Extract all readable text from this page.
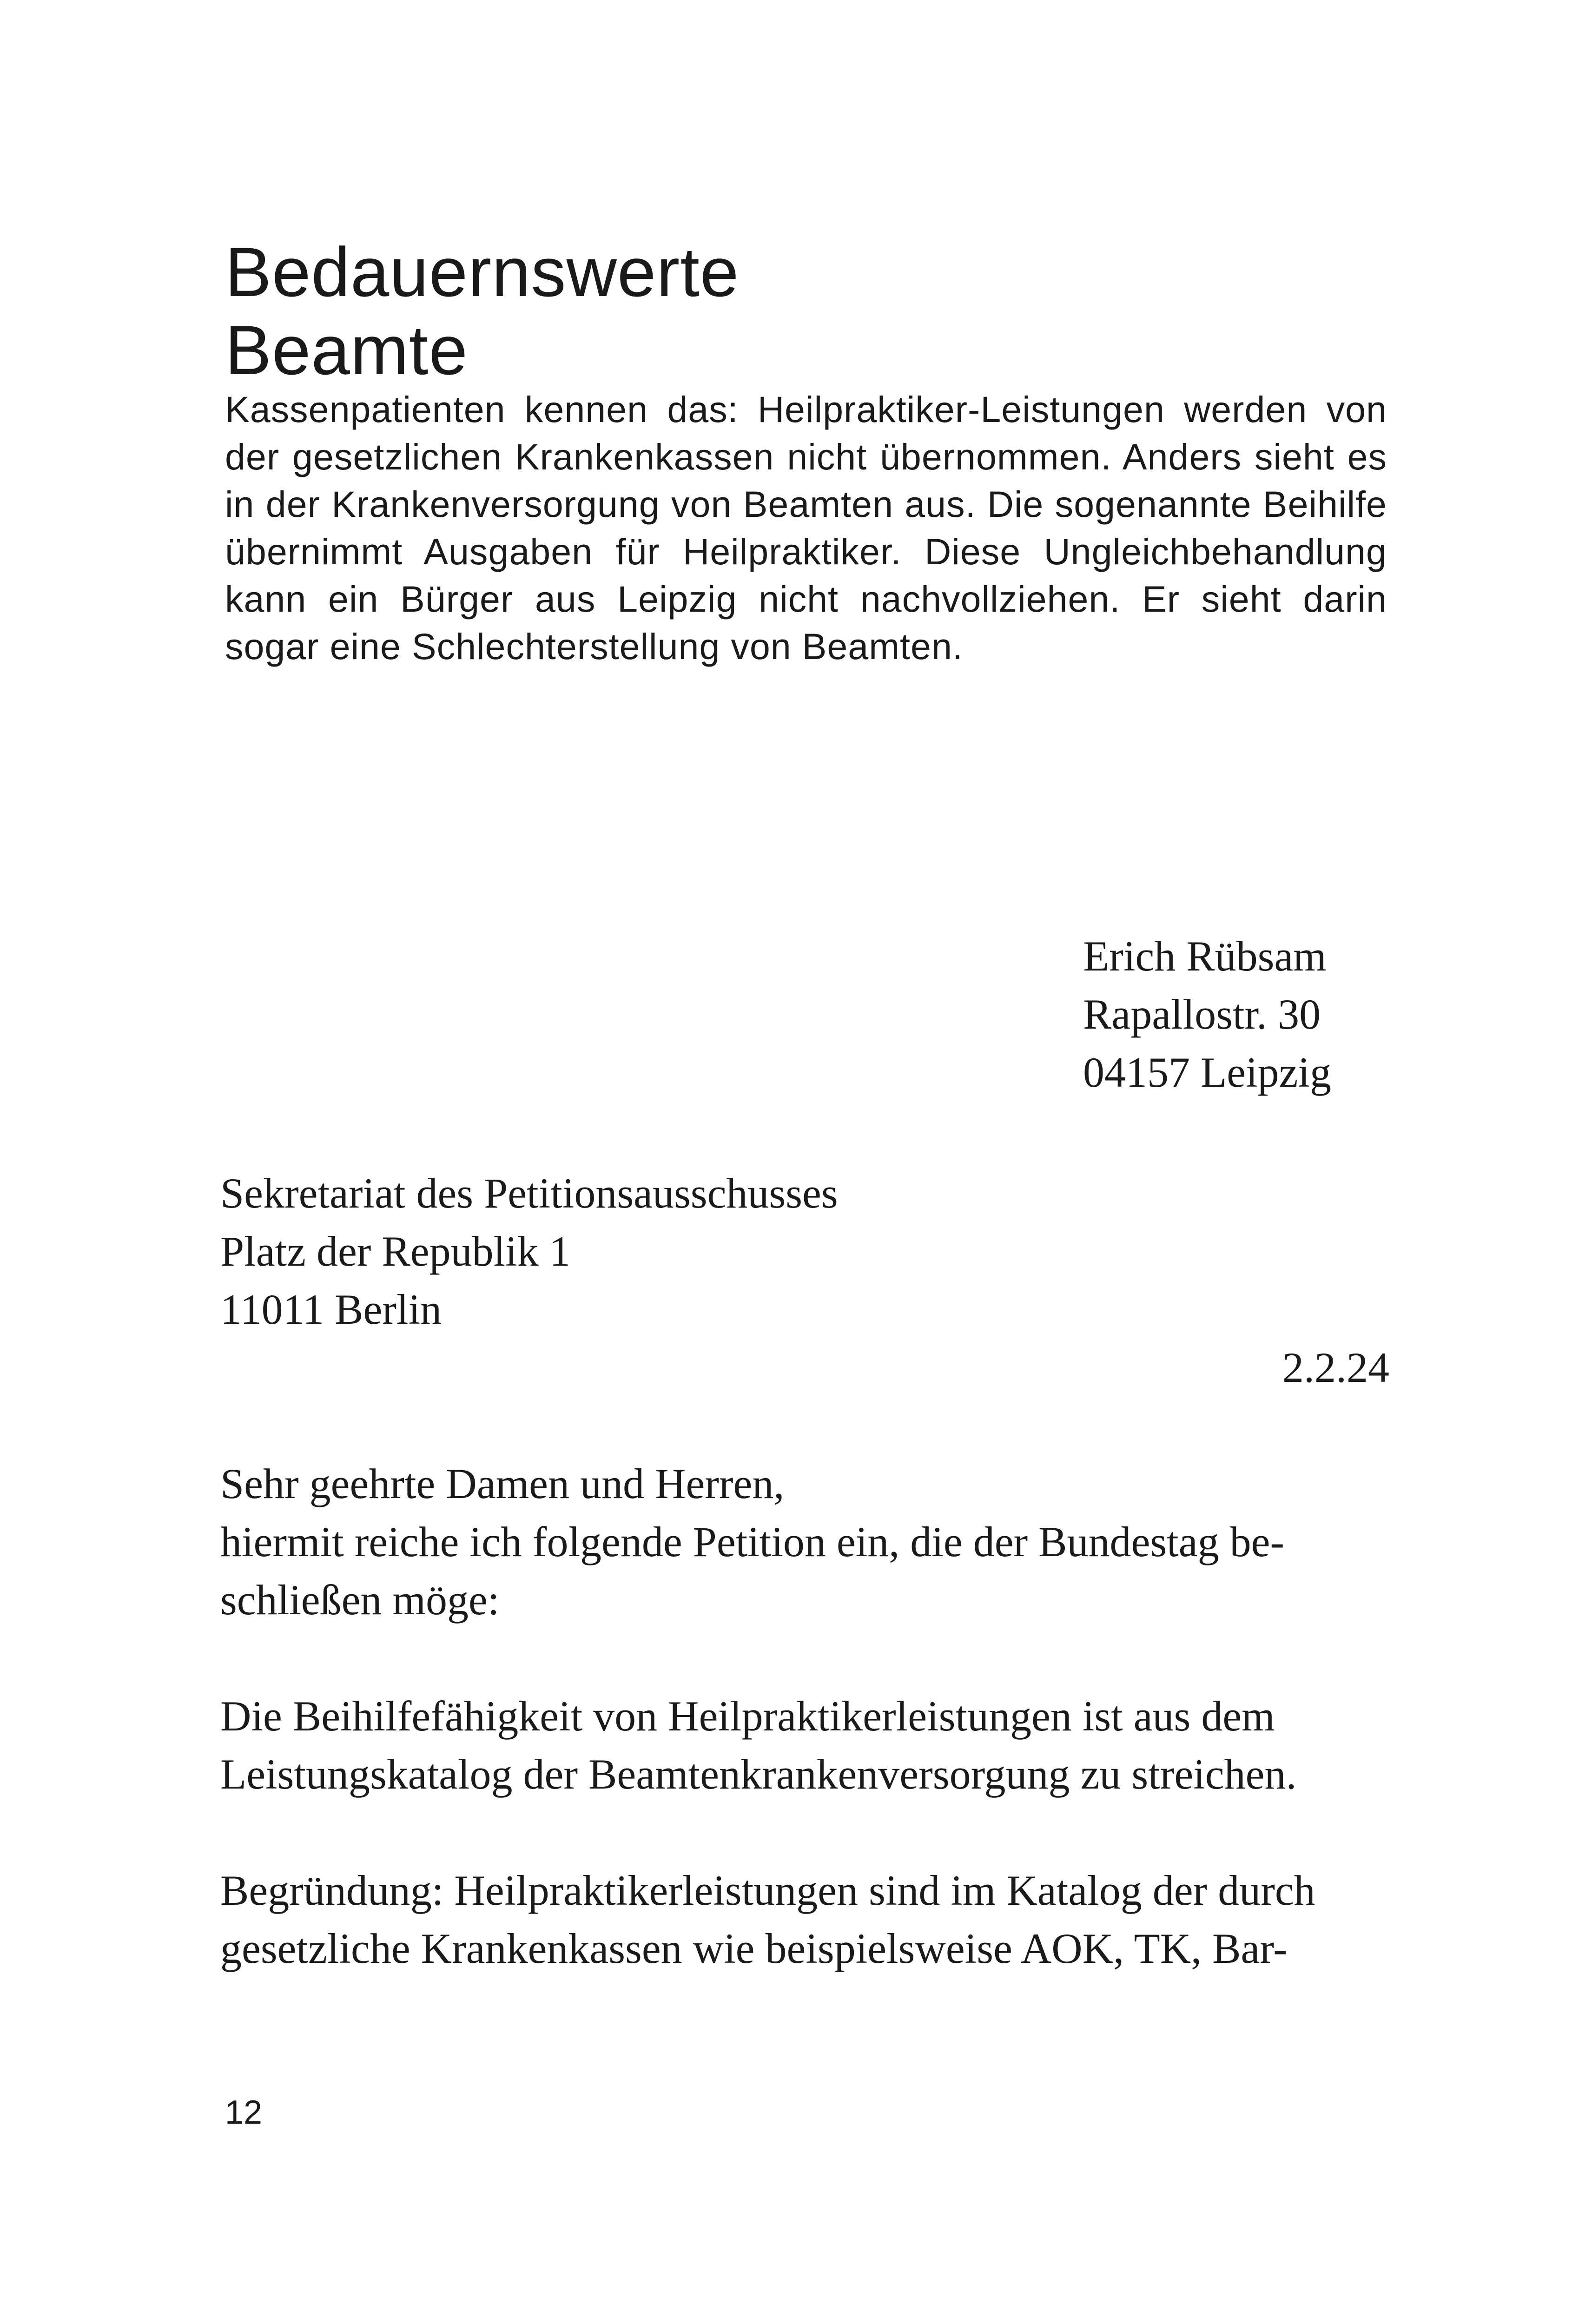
Bedauernswerte
Beamte

Kassenpatienten kennen das: Heilpraktiker-Leistungen werden von der gesetzlichen Krankenkassen nicht übernommen. Anders sieht es in der Krankenversorgung von Beamten aus. Die sogenannte Beihilfe übernimmt Ausgaben für Heilpraktiker. Diese Ungleichbehandlung kann ein Bürger aus Leipzig nicht nachvollziehen. Er sieht darin sogar eine Schlechterstellung von Beamten.

Erich Rübsam
Rapallostr. 30
04157 Leipzig
Sekretariat des Petitionsausschusses
Platz der Republik 1
11011 Berlin
2.2.24
Sehr geehrte Damen und Herren,
hiermit reiche ich folgende Petition ein, die der Bundestag be-
schließen möge:
Die Beihilfefähigkeit von Heilpraktikerleistungen ist aus dem
Leistungskatalog der Beamtenkrankenversorgung zu streichen.
Begründung: Heilpraktikerleistungen sind im Katalog der durch
gesetzliche Krankenkassen wie beispielsweise AOK, TK, Bar-
12
